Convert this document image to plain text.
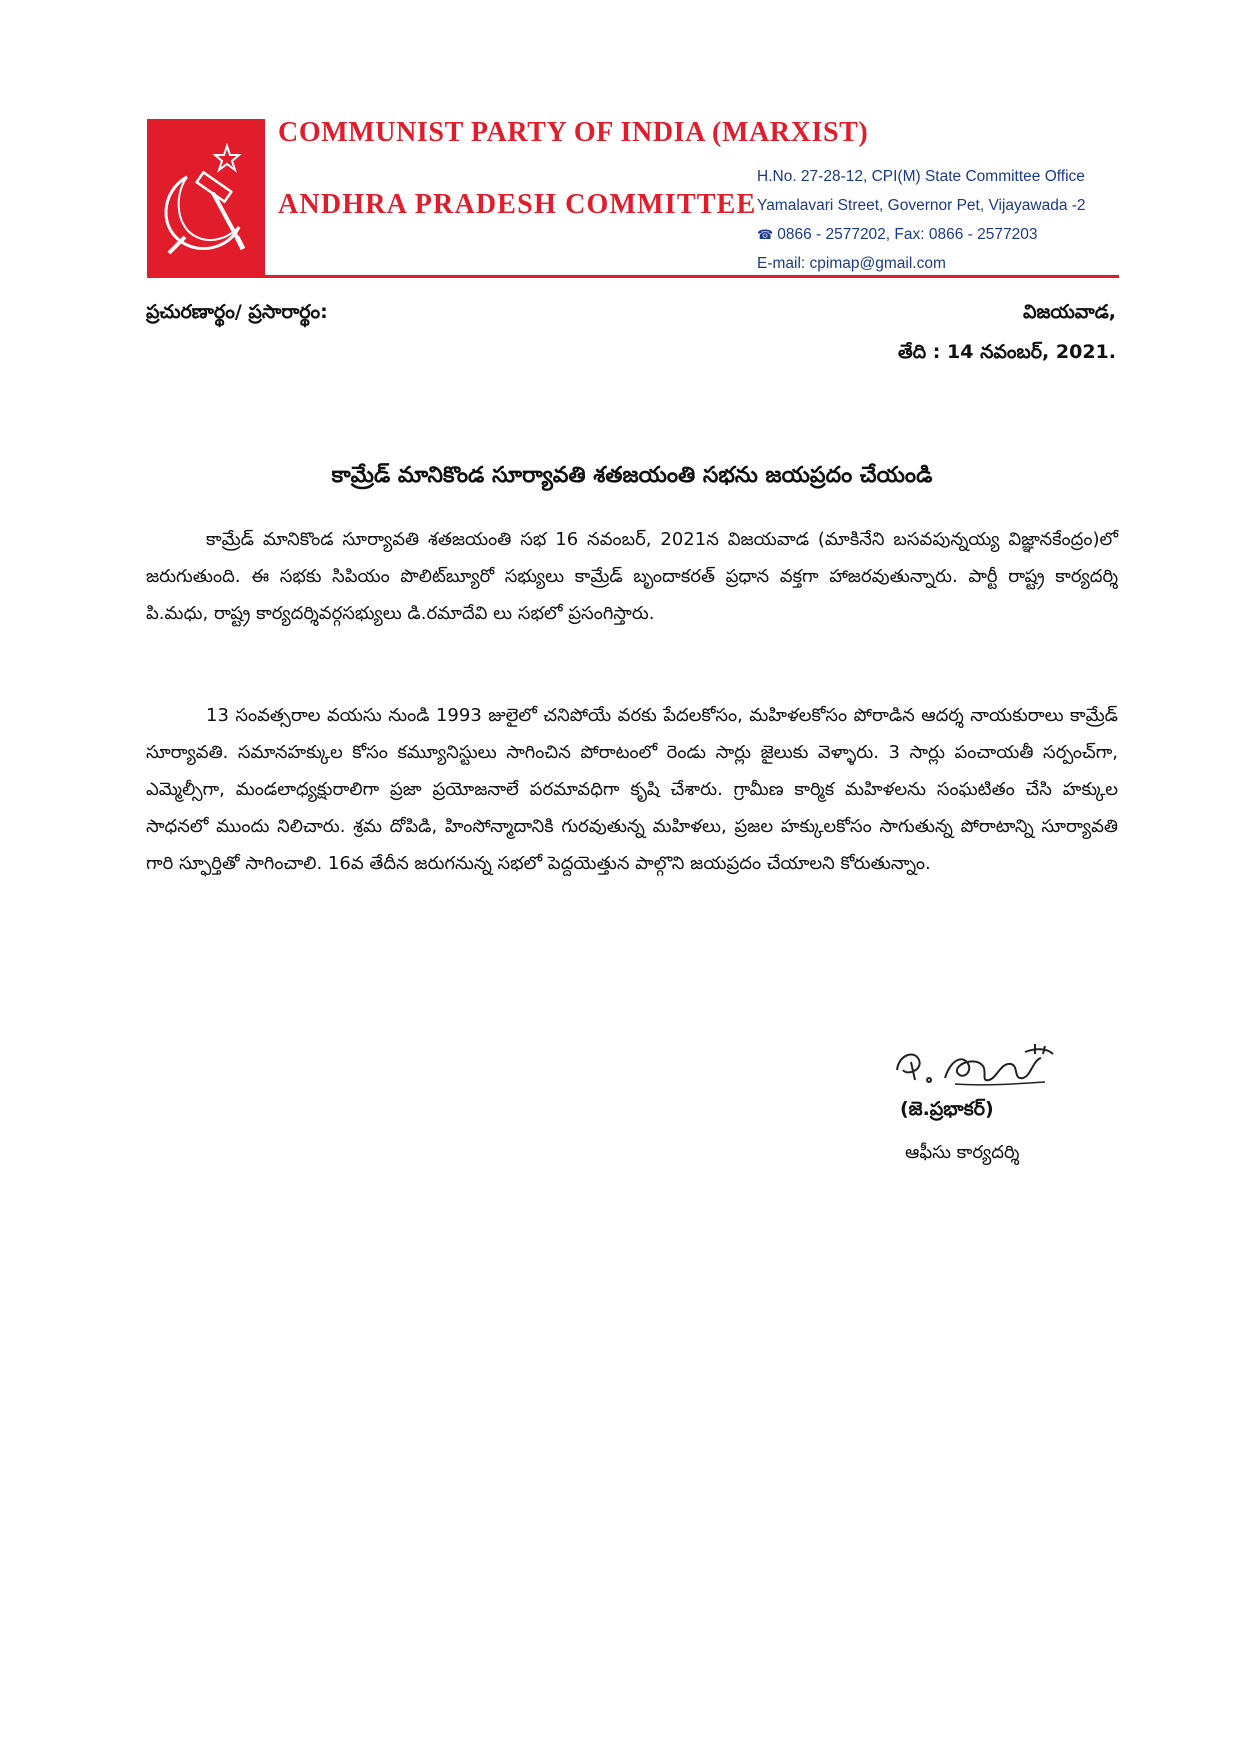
COMMUNIST PARTY OF INDIA (MARXIST)
ANDHRA PRADESH COMMITTEE
H.No. 27-28-12, CPI(M) State Committee Office
Yamalavari Street, Governor Pet, Vijayawada -2
☎ 0866 - 2577202, Fax: 0866 - 2577203
E-mail: cpimap@gmail.com
ప్రచురణార్థం/ ప్రసారార్థం:	విజయవాడ,
తేది : 14 నవంబర్‌, 2021.
కామ్రేడ్‌ మానికొండ సూర్యావతి శతజయంతి సభను జయప్రదం చేయండి

కామ్రేడ్‌ మానికొండ సూర్యావతి శతజయంతి సభ 16 నవంబర్‌, 2021న విజయవాడ (మాకినేని బసవపున్నయ్య విజ్ఞానకేంద్రం)లో జరుగుతుంది. ఈ సభకు సిపియం పొలిట్‌బ్యూరో సభ్యులు కామ్రేడ్‌ బృందాకరత్‌ ప్రధాన వక్తగా హాజరవుతున్నారు. పార్టీ రాష్ట్ర కార్యదర్శి పి.మధు, రాష్ట్ర కార్యదర్శివర్గసభ్యులు డి.రమాదేవి లు సభలో ప్రసంగిస్తారు.

13 సంవత్సరాల వయసు నుండి 1993 జులైలో చనిపోయే వరకు పేదలకోసం, మహిళలకోసం పోరాడిన ఆదర్శ నాయకురాలు కామ్రేడ్‌ సూర్యావతి. సమానహక్కుల కోసం కమ్యూనిస్టులు సాగించిన పోరాటంలో రెండు సార్లు జైలుకు వెళ్ళారు. 3 సార్లు పంచాయతీ సర్పంచ్‌గా, ఎమ్మెల్సీగా, మండలాధ్యక్షురాలిగా ప్రజా ప్రయోజనాలే పరమావధిగా కృషి చేశారు. గ్రామీణ కార్మిక మహిళలను సంఘటితం చేసి హక్కుల సాధనలో ముందు నిలిచారు. శ్రమ దోపిడి, హింసోన్మాదానికి గురవుతున్న మహిళలు, ప్రజల హక్కులకోసం సాగుతున్న పోరాటాన్ని సూర్యావతి గారి స్ఫూర్తితో సాగించాలి. 16వ తేదీన జరుగనున్న సభలో పెద్దయెత్తున పాల్గొని జయప్రదం చేయాలని కోరుతున్నాం.

(జె.ప్రభాకర్‌)
ఆఫీసు కార్యదర్శి
